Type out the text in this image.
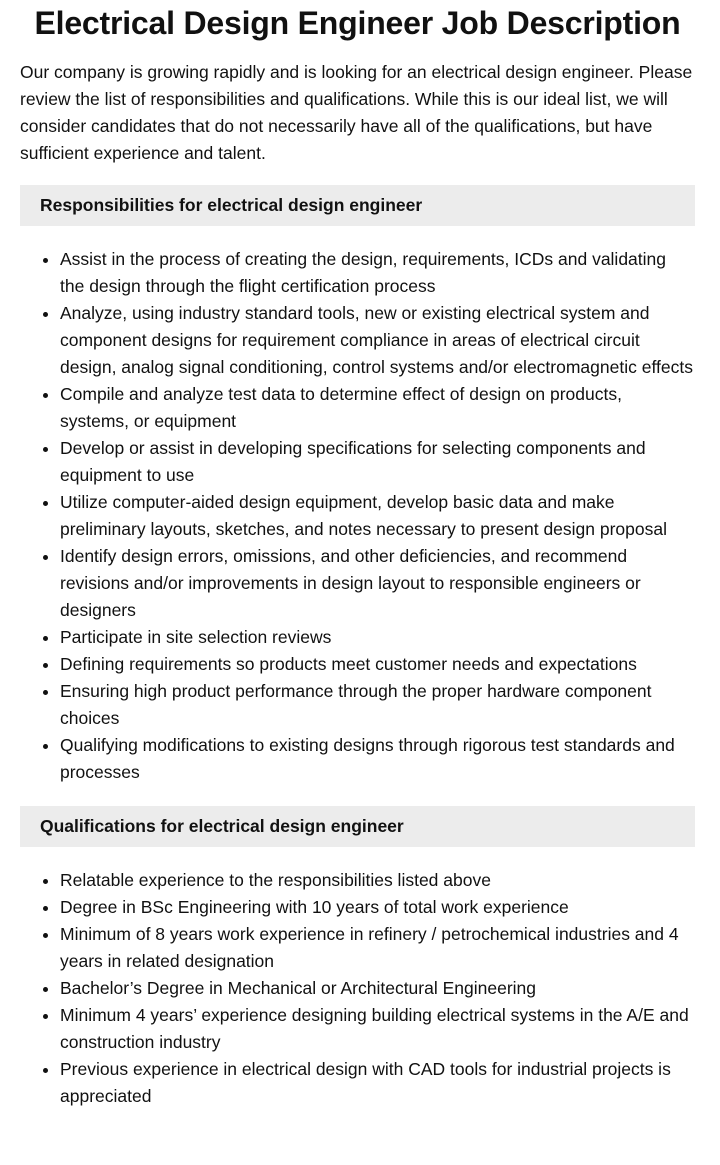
Electrical Design Engineer Job Description

Our company is growing rapidly and is looking for an electrical design engineer. Please review the list of responsibilities and qualifications. While this is our ideal list, we will consider candidates that do not necessarily have all of the qualifications, but have sufficient experience and talent.

Responsibilities for electrical design engineer
• Assist in the process of creating the design, requirements, ICDs and validating the design through the flight certification process
• Analyze, using industry standard tools, new or existing electrical system and component designs for requirement compliance in areas of electrical circuit design, analog signal conditioning, control systems and/or electromagnetic effects
• Compile and analyze test data to determine effect of design on products, systems, or equipment
• Develop or assist in developing specifications for selecting components and equipment to use
• Utilize computer-aided design equipment, develop basic data and make preliminary layouts, sketches, and notes necessary to present design proposal
• Identify design errors, omissions, and other deficiencies, and recommend revisions and/or improvements in design layout to responsible engineers or designers
• Participate in site selection reviews
• Defining requirements so products meet customer needs and expectations
• Ensuring high product performance through the proper hardware component choices
• Qualifying modifications to existing designs through rigorous test standards and processes
Qualifications for electrical design engineer
• Relatable experience to the responsibilities listed above
• Degree in BSc Engineering with 10 years of total work experience
• Minimum of 8 years work experience in refinery / petrochemical industries and 4 years in related designation
• Bachelor’s Degree in Mechanical or Architectural Engineering
• Minimum 4 years’ experience designing building electrical systems in the A/E and construction industry
• Previous experience in electrical design with CAD tools for industrial projects is appreciated
